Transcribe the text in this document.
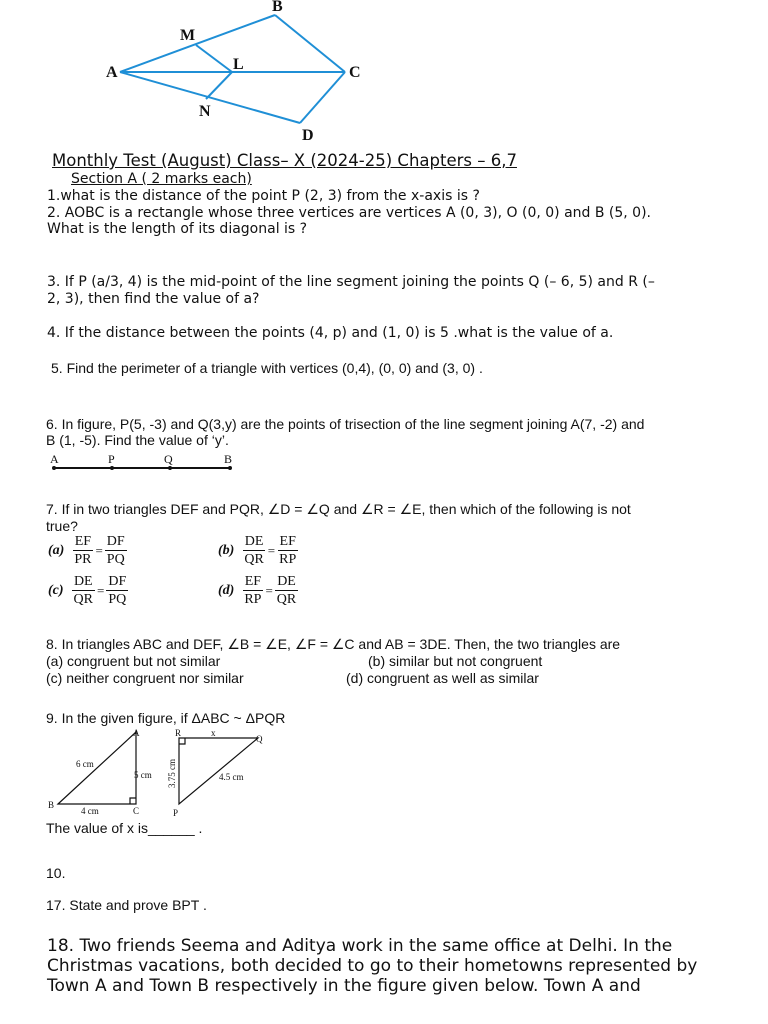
B
M
A	L	C
N
D
Monthly Test (August) Class– X (2024-25) Chapters – 6,7
Section A ( 2 marks each)
1.what is the distance of the point P (2, 3) from the x-axis is ?
2. AOBC is a rectangle whose three vertices are vertices A (0, 3), O (0, 0) and B (5, 0).
What is the length of its diagonal is ?
3. If P (a/3, 4) is the mid-point of the line segment joining the points Q (– 6, 5) and R (–
2, 3), then find the value of a?
4. If the distance between the points (4, p) and (1, 0) is 5 .what is the value of a.
5. Find the perimeter of a triangle with vertices (0,4), (0, 0) and (3, 0) .
6. In figure, P(5, -3) and Q(3,y) are the points of trisection of the line segment joining A(7, -2) and
B (1, -5). Find the value of ‘y’.
A	P	Q	B
7. If in two triangles DEF and PQR, ∠D = ∠Q and ∠R = ∠E, then which of the following is not
true?
$(a) \frac{EF}{PR} = \frac{DF}{PQ}$	$(b) \frac{DE}{QR} = \frac{EF}{RP}$
$(c) \frac{DE}{QR} = \frac{DF}{PQ}$	$(d) \frac{EF}{RP} = \frac{DE}{QR}$
8. In triangles ABC and DEF, ∠B = ∠E, ∠F = ∠C and AB = 3DE. Then, the two triangles are
(a) congruent but not similar	(b) similar but not congruent
(c) neither congruent nor similar	(d) congruent as well as similar
9. In the given figure, if ΔABC ~ ΔPQR
A
B
C
6 cm
5 cm
4 cm
R	x
Q
P
3.75 cm	4.5 cm
The value of x is______ .
10.
17. State and prove BPT .
18. Two friends Seema and Aditya work in the same office at Delhi. In the Christmas vacations, both decided to go to their hometowns represented by Town A and Town B respectively in the figure given below. Town A and
